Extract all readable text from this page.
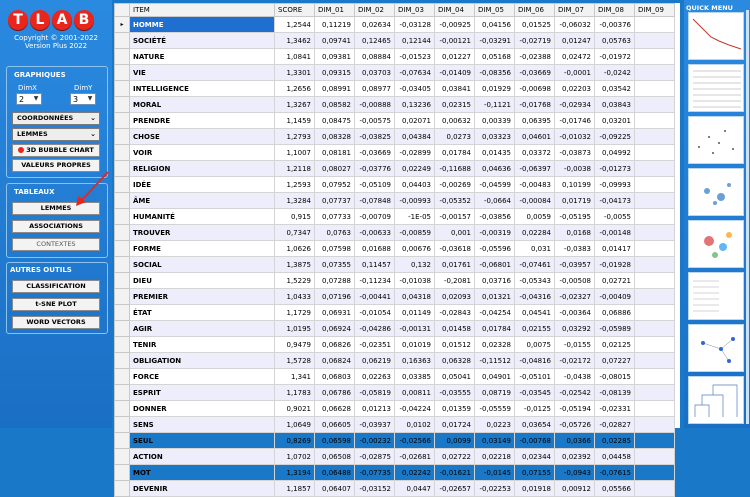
T L A B
Copyright © 2001-2022
Version Plus 2022
GRAPHIQUES
DimX	DimY
2 ▼	3 ▼
COORDONNÉES ⌄
LEMMES	⌄
3D BUBBLE CHART
VALEURS PROPRES
TABLEAUX
LEMMES
ASSOCIATIONS
CONTEXTES
AUTRES OUTILS
CLASSIFICATION
t-SNE PLOT
WORD VECTORS
	ITEM	SCORE	DIM_01	DIM_02	DIM_03	DIM_04	DIM_05	DIM_06	DIM_07	DIM_08	DIM_09
▸	HOMME	1,2544	0,11219	0,02634	-0,03128	-0,00925	0,04156	0,01525	-0,06032	-0,00376	
	SOCIÉTÉ	1,3462	0,09741	0,12465	0,12144	-0,00121	-0,03291	-0,02719	0,01247	0,05763	
	NATURE	1,0841	0,09381	0,08884	-0,01523	0,01227	0,05168	-0,02388	0,02472	-0,01972	
	VIE	1,3301	0,09315	0,03703	-0,07634	-0,01409	-0,08356	-0,03669	-0,0001	-0,0242	
	INTELLIGENCE	1,2656	0,08991	0,08977	-0,03405	0,03841	0,01929	-0,00698	0,02203	0,03542	
	MORAL	1,3267	0,08582	-0,00888	0,13236	0,02315	-0,1121	-0,01768	-0,02934	0,03843	
	PRENDRE	1,1459	0,08475	-0,00575	0,02071	0,00632	0,00339	0,06395	-0,01746	0,03201	
	CHOSE	1,2793	0,08328	-0,03825	0,04384	0,0273	0,03323	0,04601	-0,01032	-0,09225	
	VOIR	1,1007	0,08181	-0,03669	-0,02899	0,01784	0,01435	0,03372	-0,03873	0,04992	
	RELIGION	1,2118	0,08027	-0,03776	0,02249	-0,11688	0,04636	-0,06397	-0,0038	-0,01273	
	IDÉE	1,2593	0,07952	-0,05109	0,04403	-0,00269	-0,04599	-0,00483	0,10199	-0,09993	
	ÂME	1,3284	0,07737	-0,07848	-0,00993	-0,05352	-0,0664	-0,00084	0,01719	-0,04173	
	HUMANITÉ	0,915	0,07733	-0,00709	-1E-05	-0,00157	-0,03856	0,0059	-0,05195	-0,0055	
	TROUVER	0,7347	0,0763	-0,00633	-0,00859	0,001	-0,00319	0,02284	0,0168	-0,00148	
	FORME	1,0626	0,07598	0,01688	0,00676	-0,03618	-0,05596	0,031	-0,0383	0,01417	
	SOCIAL	1,3875	0,07355	0,11457	0,132	0,01761	-0,06801	-0,07461	-0,03957	-0,01928	
	DIEU	1,5229	0,07288	-0,11234	-0,01038	-0,2081	0,03716	-0,05343	-0,00508	0,02721	
	PREMIER	1,0433	0,07196	-0,00441	0,04318	0,02093	0,01321	-0,04316	-0,02327	-0,00409	
	ÉTAT	1,1729	0,06931	-0,01054	0,01149	-0,02843	-0,04254	0,04541	-0,00364	0,06886	
	AGIR	1,0195	0,06924	-0,04286	-0,00131	0,01458	0,01784	0,02155	0,03292	-0,05989	
	TENIR	0,9479	0,06826	-0,02351	0,01019	0,01512	0,02328	0,0075	-0,0155	0,02125	
	OBLIGATION	1,5728	0,06824	0,06219	0,16363	0,06328	-0,11512	-0,04816	-0,02172	0,07227	
	FORCE	1,341	0,06803	0,02263	0,03385	0,05041	0,04901	-0,05101	-0,0438	-0,08015	
	ESPRIT	1,1783	0,06786	-0,05819	0,00811	-0,03555	0,08719	-0,03545	-0,02542	-0,08139	
	DONNER	0,9021	0,06628	0,01213	-0,04224	0,01359	-0,05559	-0,0125	-0,05194	-0,02331	
	SENS	1,0649	0,06605	-0,03937	0,0102	0,01724	0,0223	0,03654	-0,05726	-0,02827	
	SEUL	0,8269	0,06598	-0,00232	-0,02566	0,0099	0,03149	-0,00768	0,0366	0,02285	
	ACTION	1,0702	0,06508	-0,02875	-0,02681	0,02722	0,02218	0,02344	0,02392	0,04458	
	MOT	1,3194	0,06488	-0,07735	0,02242	-0,01621	-0,0145	0,07155	-0,0943	-0,07615	
	DEVENIR	1,1857	0,06407	-0,03152	0,0447	-0,02657	-0,02253	0,01918	0,00912	0,05566	
QUICK MENU
